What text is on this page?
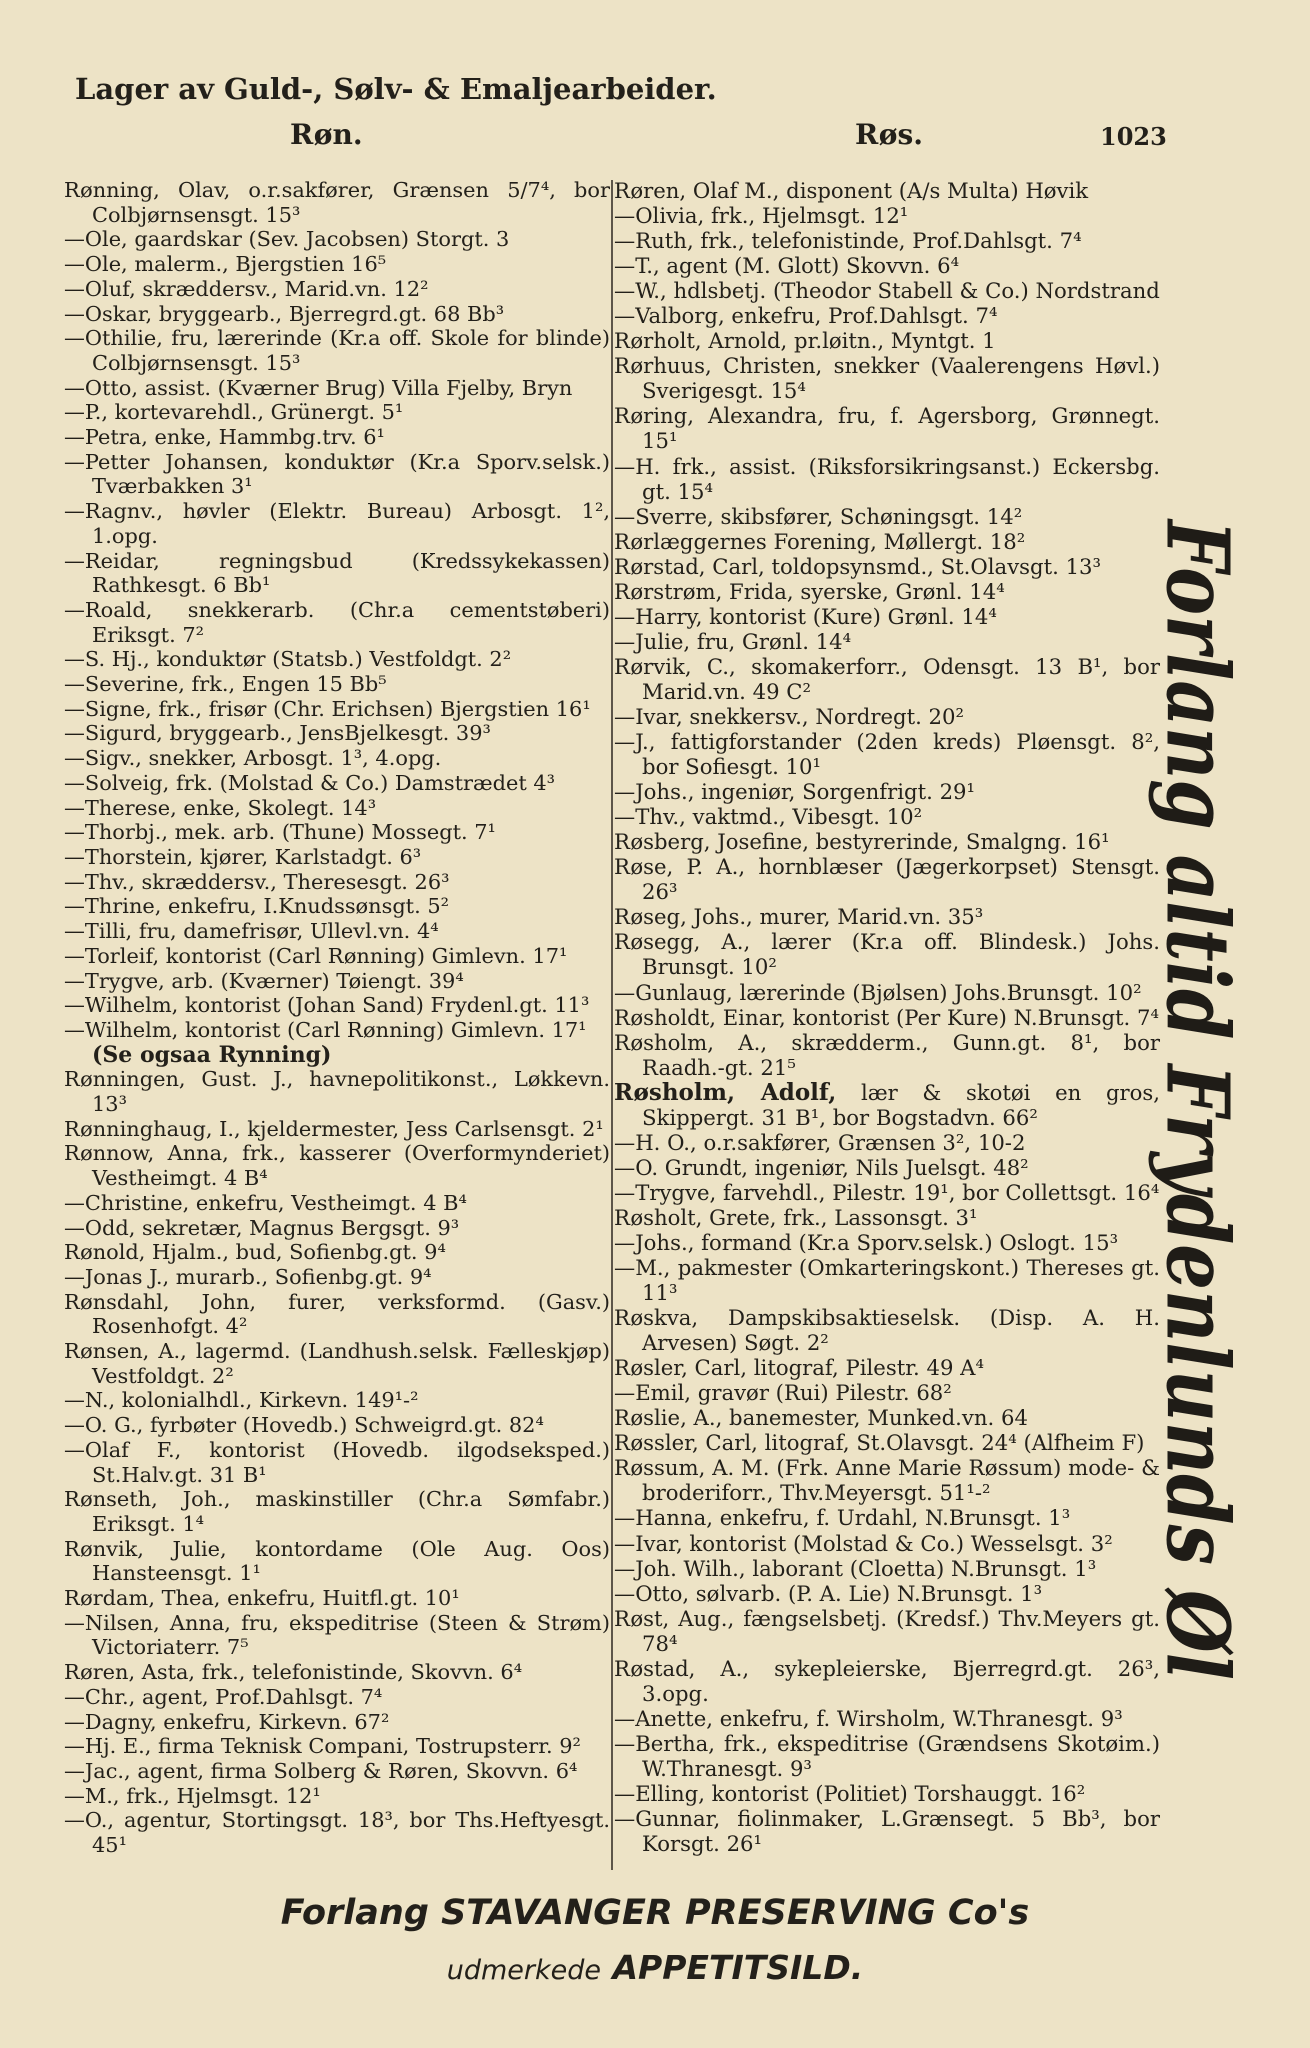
Lager av Guld-, Sølv- & Emaljearbeider.
Røn.	Røs.	1023
Rønning, Olav, o.r.sakfører, Grænsen 5/7⁴, bor Colbjørnsensgt. 15³
—Ole, gaardskar (Sev. Jacobsen) Storgt. 3
—Ole, malerm., Bjergstien 16⁵
—Oluf, skræddersv., Marid.vn. 12²
—Oskar, bryggearb., Bjerregrd.gt. 68 Bb³
—Othilie, fru, lærerinde (Kr.a off. Skole for blinde) Colbjørnsensgt. 15³
—Otto, assist. (Kværner Brug) Villa Fjelby, Bryn
—P., kortevarehdl., Grünergt. 5¹
—Petra, enke, Hammbg.trv. 6¹
—Petter Johansen, konduktør (Kr.a Sporv.selsk.) Tværbakken 3¹
—Ragnv., høvler (Elektr. Bureau) Arbosgt. 1², 1.opg.
—Reidar, regningsbud (Kredssykekassen) Rathkesgt. 6 Bb¹
—Roald, snekkerarb. (Chr.a cementstøberi) Eriksgt. 7²
—S. Hj., konduktør (Statsb.) Vestfoldgt. 2²
—Severine, frk., Engen 15 Bb⁵
—Signe, frk., frisør (Chr. Erichsen) Bjergstien 16¹
—Sigurd, bryggearb., JensBjelkesgt. 39³
—Sigv., snekker, Arbosgt. 1³, 4.opg.
—Solveig, frk. (Molstad & Co.) Damstrædet 4³
—Therese, enke, Skolegt. 14³
—Thorbj., mek. arb. (Thune) Mossegt. 7¹
—Thorstein, kjører, Karlstadgt. 6³
—Thv., skræddersv., Theresesgt. 26³
—Thrine, enkefru, I.Knudssønsgt. 5²
—Tilli, fru, damefrisør, Ullevl.vn. 4⁴
—Torleif, kontorist (Carl Rønning) Gimlevn. 17¹
—Trygve, arb. (Kværner) Tøiengt. 39⁴
—Wilhelm, kontorist (Johan Sand) Frydenl.gt. 11³
—Wilhelm, kontorist (Carl Rønning) Gimlevn. 17¹
(Se ogsaa Rynning)
Rønningen, Gust. J., havnepolitikonst., Løkkevn. 13³
Rønninghaug, I., kjeldermester, Jess Carlsensgt. 2¹
Rønnow, Anna, frk., kasserer (Overformynderiet) Vestheimgt. 4 B⁴
—Christine, enkefru, Vestheimgt. 4 B⁴
—Odd, sekretær, Magnus Bergsgt. 9³
Rønold, Hjalm., bud, Sofienbg.gt. 9⁴
—Jonas J., murarb., Sofienbg.gt. 9⁴
Rønsdahl, John, furer, verksformd. (Gasv.) Rosenhofgt. 4²
Rønsen, A., lagermd. (Landhush.selsk. Fælleskjøp) Vestfoldgt. 2²
—N., kolonialhdl., Kirkevn. 149¹-²
—O. G., fyrbøter (Hovedb.) Schweigrd.gt. 82⁴
—Olaf F., kontorist (Hovedb. ilgodseksped.) St.Halv.gt. 31 B¹
Rønseth, Joh., maskinstiller (Chr.a Sømfabr.) Eriksgt. 1⁴
Rønvik, Julie, kontordame (Ole Aug. Oos) Hansteensgt. 1¹
Rørdam, Thea, enkefru, Huitfl.gt. 10¹
—Nilsen, Anna, fru, ekspeditrise (Steen & Strøm) Victoriaterr. 7⁵
Røren, Asta, frk., telefonistinde, Skovvn. 6⁴
—Chr., agent, Prof.Dahlsgt. 7⁴
—Dagny, enkefru, Kirkevn. 67²
—Hj. E., firma Teknisk Compani, Tostrupsterr. 9²
—Jac., agent, firma Solberg & Røren, Skovvn. 6⁴
—M., frk., Hjelmsgt. 12¹
—O., agentur, Stortingsgt. 18³, bor Ths.Heftyesgt. 45¹
Røren, Olaf M., disponent (A/s Multa) Høvik
—Olivia, frk., Hjelmsgt. 12¹
—Ruth, frk., telefonistinde, Prof.Dahlsgt. 7⁴
—T., agent (M. Glott) Skovvn. 6⁴
—W., hdlsbetj. (Theodor Stabell & Co.) Nordstrand
—Valborg, enkefru, Prof.Dahlsgt. 7⁴
Rørholt, Arnold, pr.løitn., Myntgt. 1
Rørhuus, Christen, snekker (Vaalerengens Høvl.) Sverigesgt. 15⁴
Røring, Alexandra, fru, f. Agersborg, Grønnegt. 15¹
—H. frk., assist. (Riksforsikringsanst.) Eckersbg. gt. 15⁴
—Sverre, skibsfører, Schøningsgt. 14²
Rørlæggernes Forening, Møllergt. 18²
Rørstad, Carl, toldopsynsmd., St.Olavsgt. 13³
Rørstrøm, Frida, syerske, Grønl. 14⁴
—Harry, kontorist (Kure) Grønl. 14⁴
—Julie, fru, Grønl. 14⁴
Rørvik, C., skomakerforr., Odensgt. 13 B¹, bor Marid.vn. 49 C²
—Ivar, snekkersv., Nordregt. 20²
—J., fattigforstander (2den kreds) Pløensgt. 8², bor Sofiesgt. 10¹
—Johs., ingeniør, Sorgenfrigt. 29¹
—Thv., vaktmd., Vibesgt. 10²
Røsberg, Josefine, bestyrerinde, Smalgng. 16¹
Røse, P. A., hornblæser (Jægerkorpset) Stensgt. 26³
Røseg, Johs., murer, Marid.vn. 35³
Røsegg, A., lærer (Kr.a off. Blindesk.) Johs. Brunsgt. 10²
—Gunlaug, lærerinde (Bjølsen) Johs.Brunsgt. 10²
Røsholdt, Einar, kontorist (Per Kure) N.Brunsgt. 7⁴
Røsholm, A., skrædderm., Gunn.gt. 8¹, bor Raadh.-gt. 21⁵
Røsholm, Adolf, lær & skotøi en gros, Skippergt. 31 B¹, bor Bogstadvn. 66²
—H. O., o.r.sakfører, Grænsen 3², 10-2
—O. Grundt, ingeniør, Nils Juelsgt. 48²
—Trygve, farvehdl., Pilestr. 19¹, bor Collettsgt. 16⁴
Røsholt, Grete, frk., Lassonsgt. 3¹
—Johs., formand (Kr.a Sporv.selsk.) Oslogt. 15³
—M., pakmester (Omkarteringskont.) Thereses gt. 11³
Røskva, Dampskibsaktieselsk. (Disp. A. H. Arvesen) Søgt. 2²
Røsler, Carl, litograf, Pilestr. 49 A⁴
—Emil, gravør (Rui) Pilestr. 68²
Røslie, A., banemester, Munked.vn. 64
Røssler, Carl, litograf, St.Olavsgt. 24⁴ (Alfheim F)
Røssum, A. M. (Frk. Anne Marie Røssum) mode- & broderiforr., Thv.Meyersgt. 51¹-²
—Hanna, enkefru, f. Urdahl, N.Brunsgt. 1³
—Ivar, kontorist (Molstad & Co.) Wesselsgt. 3²
—Joh. Wilh., laborant (Cloetta) N.Brunsgt. 1³
—Otto, sølvarb. (P. A. Lie) N.Brunsgt. 1³
Røst, Aug., fængselsbetj. (Kredsf.) Thv.Meyers gt. 78⁴
Røstad, A., sykepleierske, Bjerregrd.gt. 26³, 3.opg.
—Anette, enkefru, f. Wirsholm, W.Thranesgt. 9³
—Bertha, frk., ekspeditrise (Grændsens Skotøim.) W.Thranesgt. 9³
—Elling, kontorist (Politiet) Torshauggt. 16²
—Gunnar, fiolinmaker, L.Grænsegt. 5 Bb³, bor Korsgt. 26¹	Forlang altid Frydenlunds Øl
Forlang STAVANGER PRESERVING Co's
udmerkede APPETITSILD.
